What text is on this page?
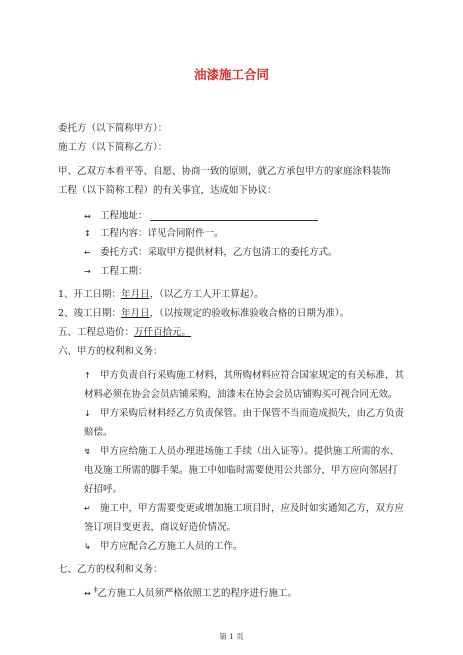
油漆施工合同
委托方（以下简称甲方）：
施工方（以下简称乙方）：
甲、乙双方本着平等、自愿、协商一致的原则，就乙方承包甲方的家庭涂料装饰
工程（以下简称工程）的有关事宜，达成如下协议：
↔ 工程地址：
↕ 工程内容：详见合同附件一。
← 委托方式：采取甲方提供材料，乙方包清工的委托方式。
→ 工程工期：
1、开工日期：年月日，（以乙方工人开工算起）。
2、竣工日期：年月日，（以按规定的验收标准验收合格的日期为准）。
五、工程总造价：万仟百拾元。
六、甲方的权利和义务：
↑ 甲方负责自行采购施工材料，其所购材料应符合国家规定的有关标准，其
材料必须在协会会员店铺采购，油漆未在协会会员店铺购买可视合同无效。
↓ 甲方采购后材料经乙方负责保管。由于保管不当而造成损失，由乙方负责
赔偿。
↯ 甲方应给施工人员办理进场施工手续（出入证等）。提供施工所需的水、
电及施工所需的脚手架。施工中如临时需要使用公共部分，甲方应向邻居打
好招呼。
↵ 施工中，甲方需要变更或增加施工项目时，应及时如实通知乙方，双方应
签订项目变更表，商议好造价情况。
↳ 甲方应配合乙方施工人员的工作。
七、乙方的权利和义务：
↔ ‡乙方施工人员须严格依照工艺的程序进行施工。
第 1 页
